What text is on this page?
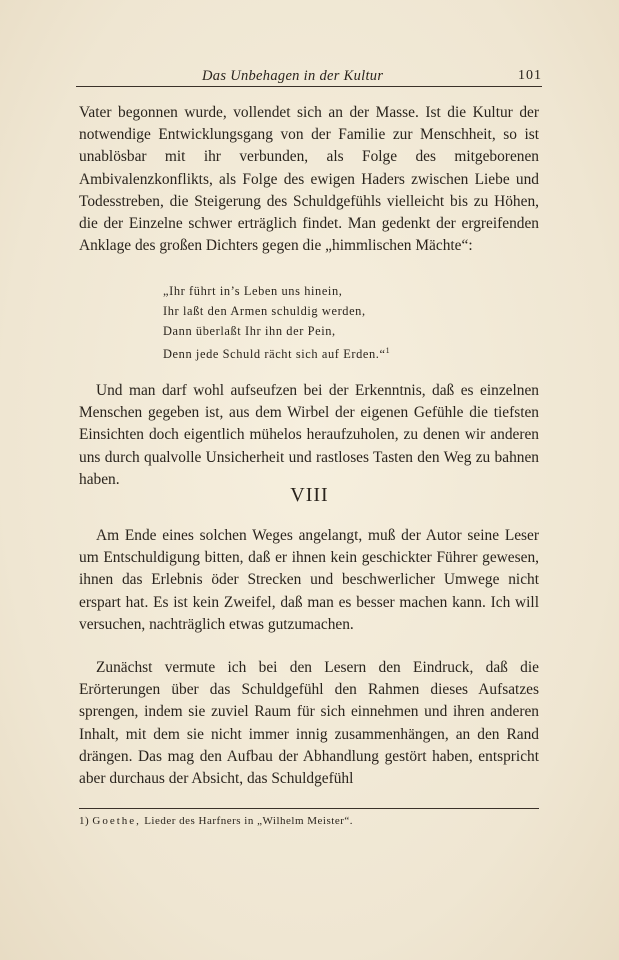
Das Unbehagen in der Kultur	101

Vater begonnen wurde, vollendet sich an der Masse. Ist die Kultur der notwendige Entwicklungsgang von der Familie zur Menschheit, so ist unablösbar mit ihr verbunden, als Folge des mitgeborenen Ambivalenzkonflikts, als Folge des ewigen Haders zwischen Liebe und Todesstreben, die Steigerung des Schuldgefühls vielleicht bis zu Höhen, die der Einzelne schwer erträglich findet. Man gedenkt der ergreifenden Anklage des großen Dichters gegen die „himmlischen Mächte“:

„Ihr führt in’s Leben uns hinein,
Ihr laßt den Armen schuldig werden,
Dann überlaßt Ihr ihn der Pein,
Denn jede Schuld rächt sich auf Erden.“$^1$

Und man darf wohl aufseufzen bei der Erkenntnis, daß es einzelnen Menschen gegeben ist, aus dem Wirbel der eigenen Gefühle die tiefsten Einsichten doch eigentlich mühelos heraufzuholen, zu denen wir anderen uns durch qualvolle Unsicherheit und rastloses Tasten den Weg zu bahnen haben.

VIII

Am Ende eines solchen Weges angelangt, muß der Autor seine Leser um Entschuldigung bitten, daß er ihnen kein geschickter Führer gewesen, ihnen das Erlebnis öder Strecken und beschwerlicher Umwege nicht erspart hat. Es ist kein Zweifel, daß man es besser machen kann. Ich will versuchen, nachträglich etwas gutzumachen.

Zunächst vermute ich bei den Lesern den Eindruck, daß die Erörterungen über das Schuldgefühl den Rahmen dieses Aufsatzes sprengen, indem sie zuviel Raum für sich einnehmen und ihren anderen Inhalt, mit dem sie nicht immer innig zusammenhängen, an den Rand drängen. Das mag den Aufbau der Abhandlung gestört haben, entspricht aber durchaus der Absicht, das Schuldgefühl

1) Goethe, Lieder des Harfners in „Wilhelm Meister“.
